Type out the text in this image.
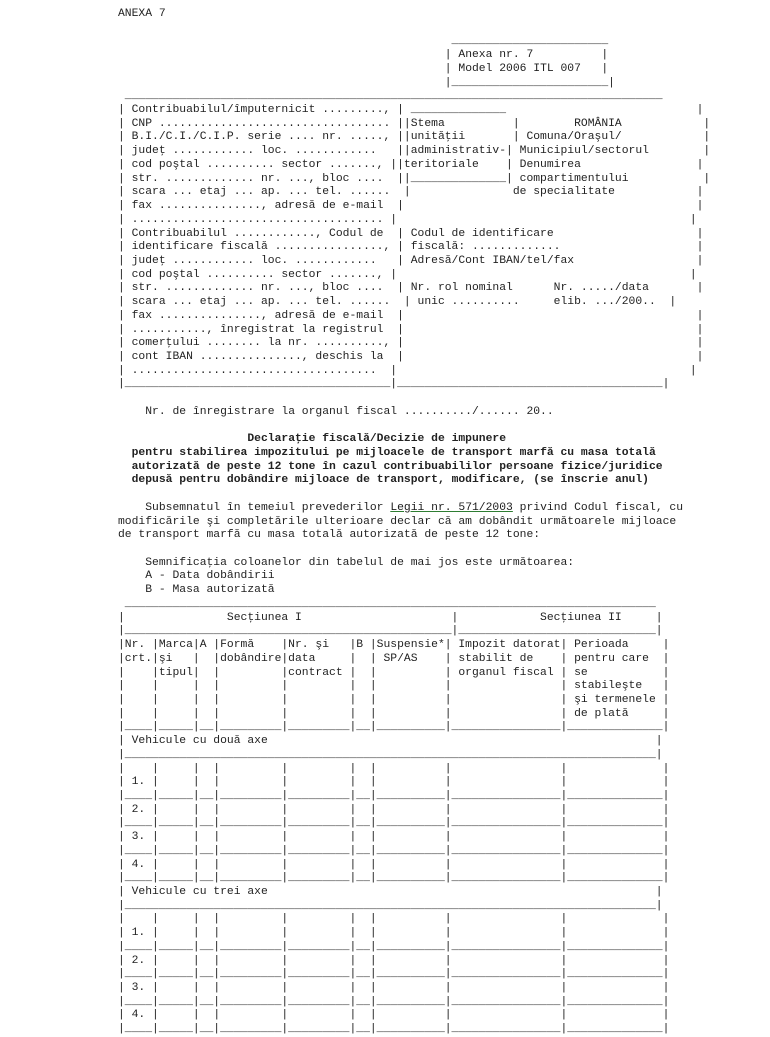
ANEXA 7

_______________________
| Anexa nr. 7          |
| Model 2006 ITL 007   |
|_______________________|
_______________________________________________________________________________
| Contribuabilul/împuternicit ........., | ______________                            |
| CNP .................................. ||Stema          |        ROMÂNIA            |
| B.I./C.I./C.I.P. serie .... nr. ....., ||unităţii       | Comuna/Oraşul/            |
| judeţ ............ loc. ............   ||administrativ-| Municipiul/sectorul        |
| cod poştal .......... sector ......., ||teritoriale    | Denumirea                 |
| str. ............. nr. ..., bloc ....  ||______________| compartimentului           |
| scara ... etaj ... ap. ... tel. ......  |               de specialitate            |
| fax ..............., adresă de e-mail  |                                           |
| ..................................... |                                           |
| Contribuabilul ............, Codul de  | Codul de identificare                     |
| identificare fiscală ................, | fiscală: .............                    |
| judeţ ............ loc. ............   | Adresă/Cont IBAN/tel/fax                  |
| cod poştal .......... sector ......., |                                           |
| str. ............. nr. ..., bloc ....  | Nr. rol nominal      Nr. ...../data       |
| scara ... etaj ... ap. ... tel. ......  | unic ..........     elib. .../200..  |
| fax ..............., adresă de e-mail  |                                           |
| ..........., înregistrat la registrul  |                                           |
| comerţului ........ la nr. .........., |                                           |
| cont IBAN ..............., deschis la  |                                           |
| ....................................  |                                           |
|_______________________________________|_______________________________________|

Nr. de înregistrare la organul fiscal ........../...... 20..

Declaraţie fiscală/Decizie de impunere
pentru stabilirea impozitului pe mijloacele de transport marfă cu masa totală
autorizată de peste 12 tone în cazul contribuabililor persoane fizice/juridice
depusă pentru dobândire mijloace de transport, modificare, (se înscrie anul)

Subsemnatul în temeiul prevederilor Legii nr. 571/2003 privind Codul fiscal, cu
modificările şi completările ulterioare declar că am dobândit următoarele mijloace
de transport marfă cu masa totală autorizată de peste 12 tone:

Semnificaţia coloanelor din tabelul de mai jos este următoarea:
A - Data dobândirii
B - Masa autorizată
______________________________________________________________________________
|               Secţiunea I                      |            Secţiunea II     |
|________________________________________________|_____________________________|
|Nr. |Marca|A |Formă    |Nr. şi   |B |Suspensie*| Impozit datorat| Perioada     |
|crt.|şi   |  |dobândire|data     |  | SP/AS    | stabilit de    | pentru care  |
|    |tipul|  |         |contract |  |          | organul fiscal | se           |
|    |     |  |         |         |  |          |                | stabileşte   |
|    |     |  |         |         |  |          |                | şi termenele |
|    |     |  |         |         |  |          |                | de plată     |
|____|_____|__|_________|_________|__|__________|________________|______________|
| Vehicule cu două axe                                                         |
|______________________________________________________________________________|
|    |     |  |         |         |  |          |                |              |
| 1. |     |  |         |         |  |          |                |              |
|____|_____|__|_________|_________|__|__________|________________|______________|
| 2. |     |  |         |         |  |          |                |              |
|____|_____|__|_________|_________|__|__________|________________|______________|
| 3. |     |  |         |         |  |          |                |              |
|____|_____|__|_________|_________|__|__________|________________|______________|
| 4. |     |  |         |         |  |          |                |              |
|____|_____|__|_________|_________|__|__________|________________|______________|
| Vehicule cu trei axe                                                         |
|______________________________________________________________________________|
|    |     |  |         |         |  |          |                |              |
| 1. |     |  |         |         |  |          |                |              |
|____|_____|__|_________|_________|__|__________|________________|______________|
| 2. |     |  |         |         |  |          |                |              |
|____|_____|__|_________|_________|__|__________|________________|______________|
| 3. |     |  |         |         |  |          |                |              |
|____|_____|__|_________|_________|__|__________|________________|______________|
| 4. |     |  |         |         |  |          |                |              |
|____|_____|__|_________|_________|__|__________|________________|______________|
